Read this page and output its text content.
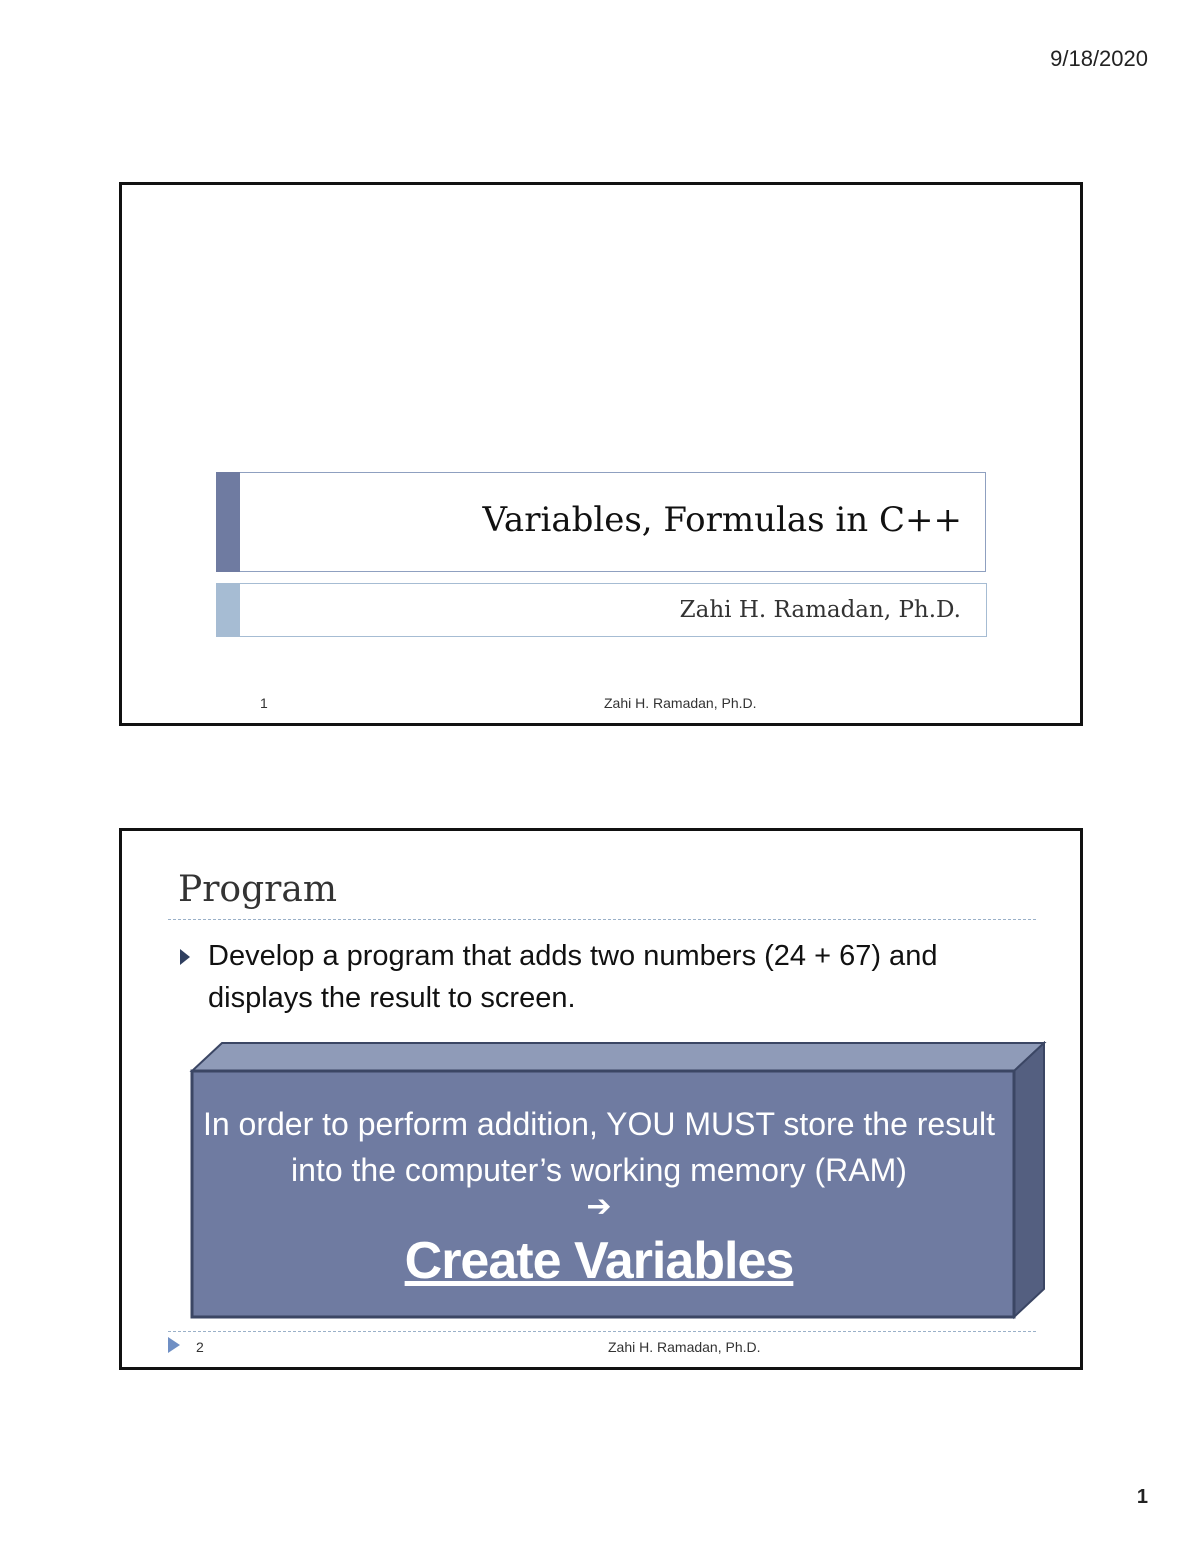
9/18/2020
Variables, Formulas in C++
Zahi H. Ramadan, Ph.D.
1	Zahi H. Ramadan, Ph.D.
Program
Develop a program that adds two numbers (24 + 67) and displays the result to screen.
In order to perform addition, YOU MUST store the result into the computer’s working memory (RAM)
➔
Create Variables
2	Zahi H. Ramadan, Ph.D.
1
